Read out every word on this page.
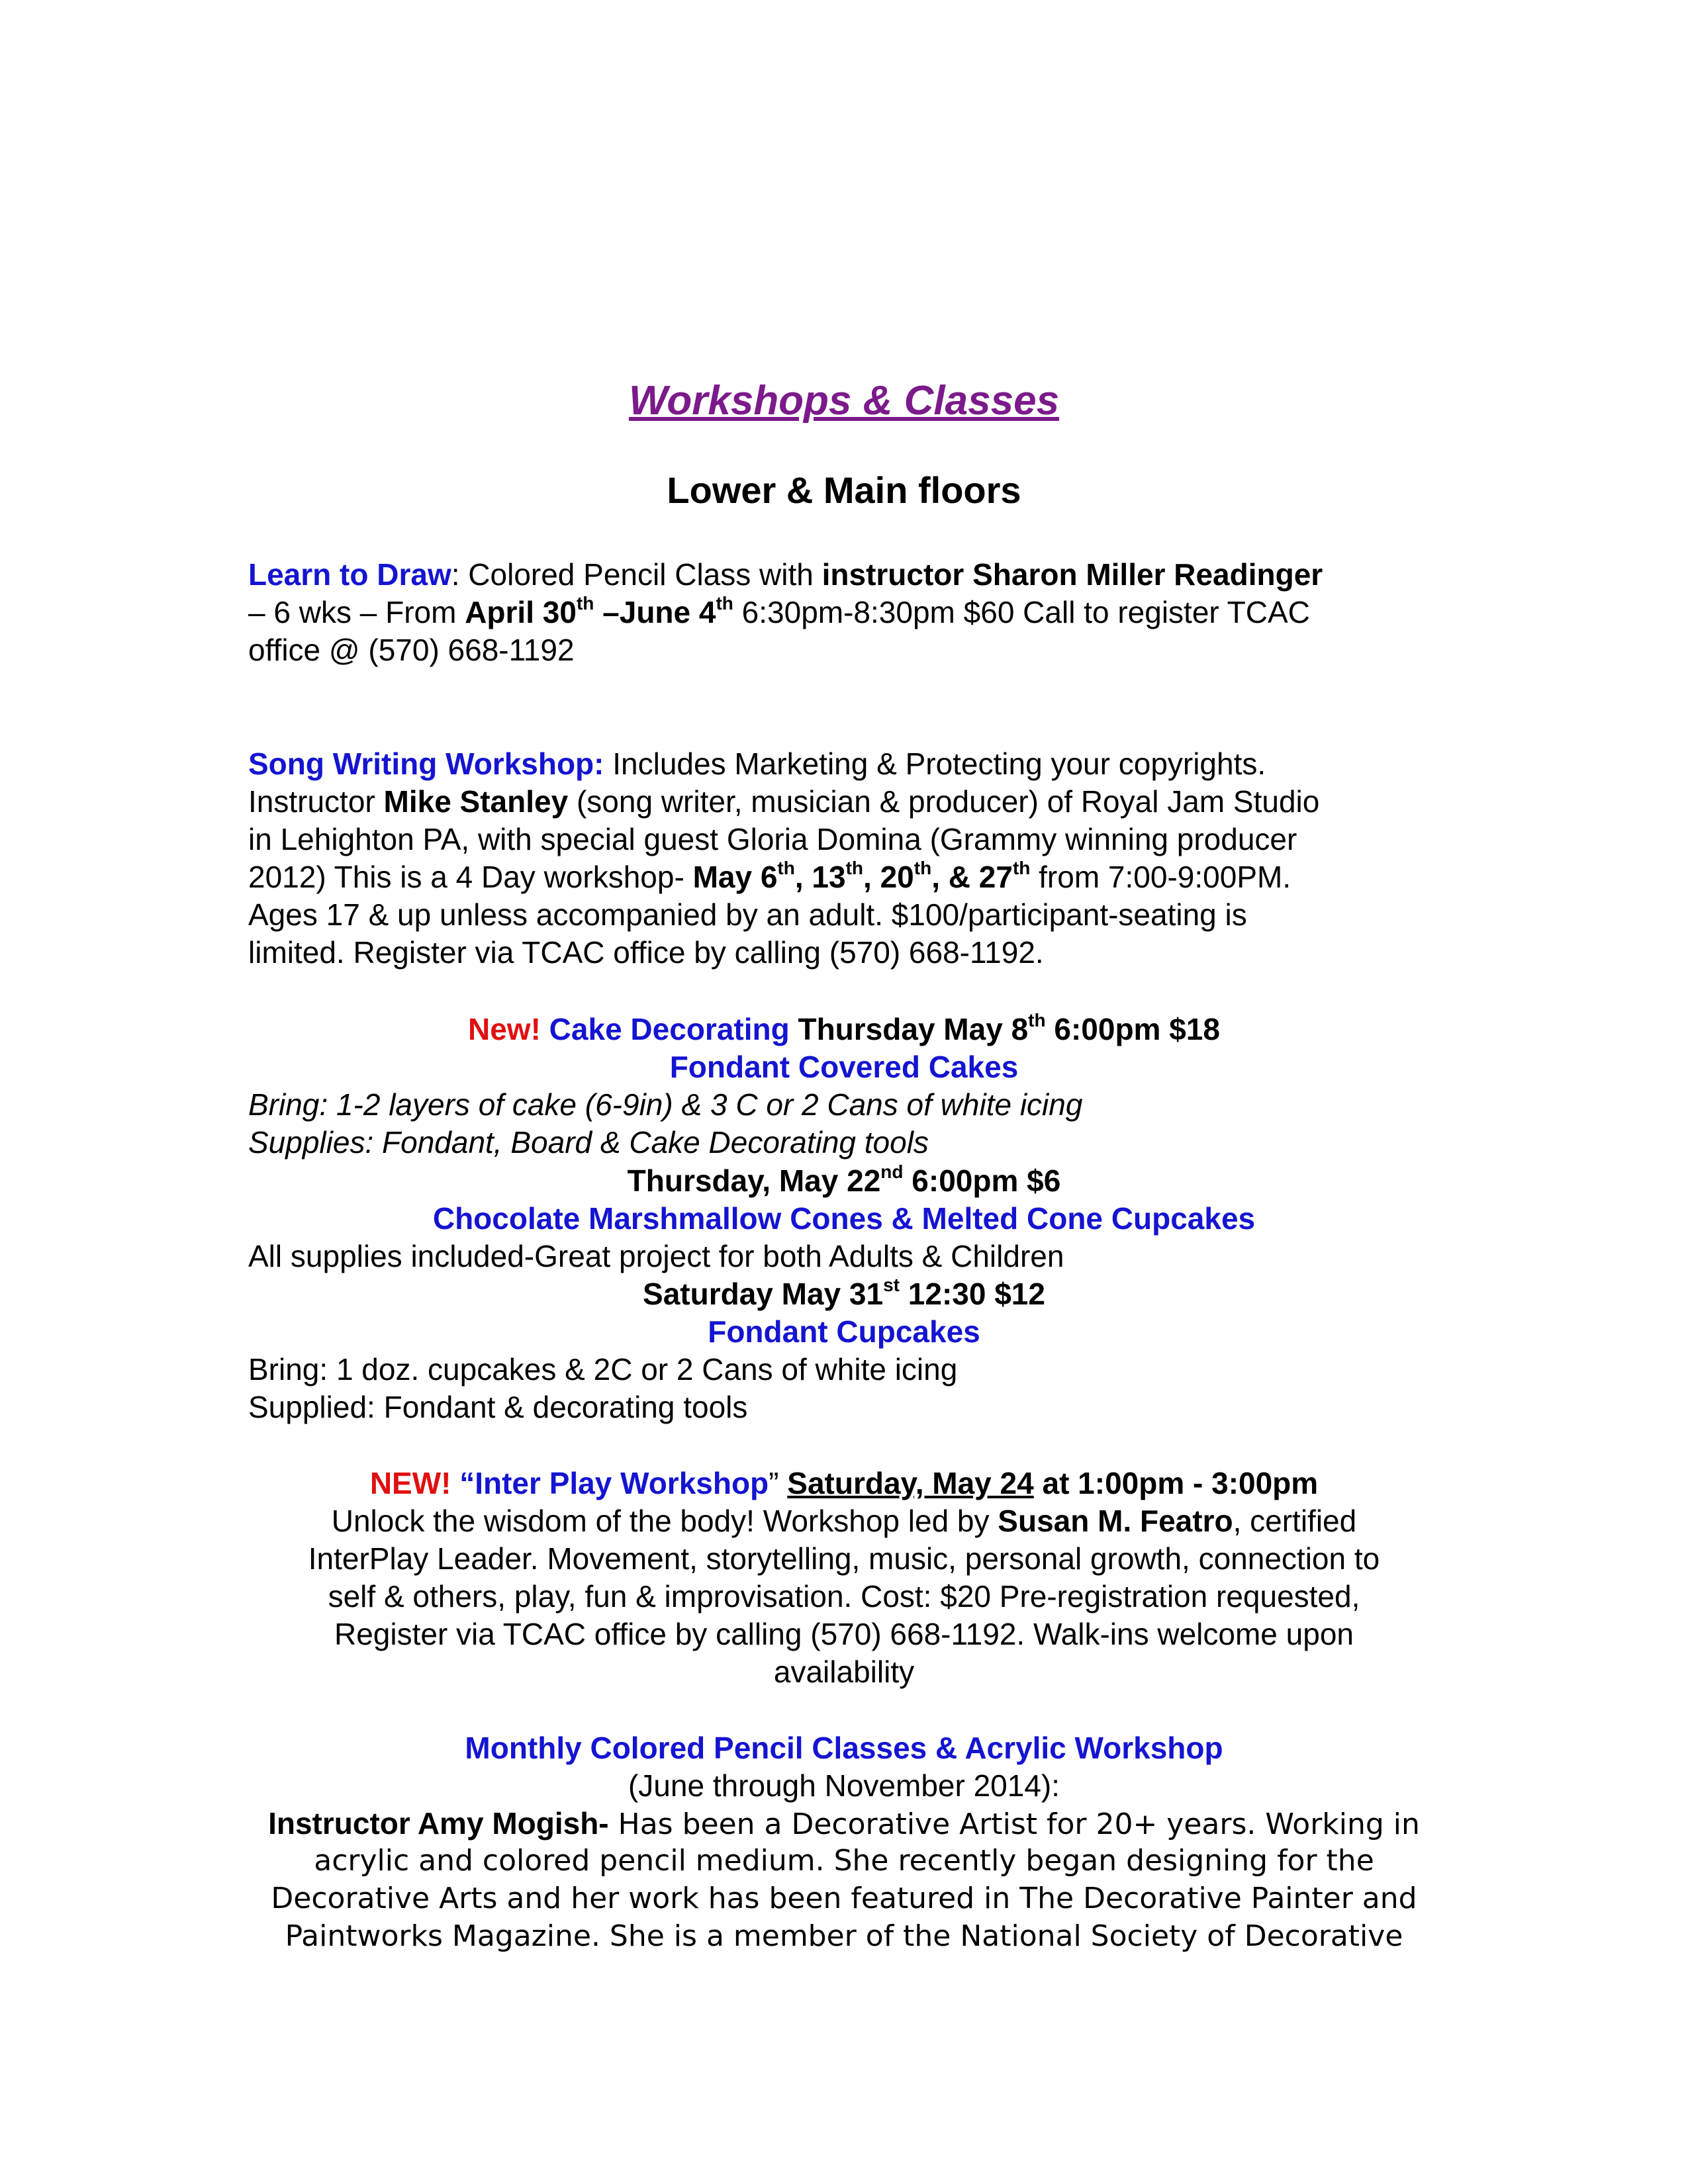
Workshops & Classes
Lower & Main floors
Learn to Draw: Colored Pencil Class with instructor Sharon Miller Readinger
– 6 wks – From April 30th –June 4th 6:30pm-8:30pm $60 Call to register TCAC
office @ (570) 668-1192
Song Writing Workshop: Includes Marketing & Protecting your copyrights.
Instructor Mike Stanley (song writer, musician & producer) of Royal Jam Studio
in Lehighton PA, with special guest Gloria Domina (Grammy winning producer
2012) This is a 4 Day workshop- May 6th, 13th, 20th, & 27th from 7:00-9:00PM.
Ages 17 & up unless accompanied by an adult. $100/participant-seating is
limited. Register via TCAC office by calling (570) 668-1192.
New! Cake Decorating Thursday May 8th 6:00pm $18
Fondant Covered Cakes
Bring: 1-2 layers of cake (6-9in) & 3 C or 2 Cans of white icing
Supplies: Fondant, Board & Cake Decorating tools
Thursday, May 22nd 6:00pm $6
Chocolate Marshmallow Cones & Melted Cone Cupcakes
All supplies included-Great project for both Adults & Children
Saturday May 31st 12:30 $12
Fondant Cupcakes
Bring: 1 doz. cupcakes & 2C or 2 Cans of white icing
Supplied: Fondant & decorating tools
NEW! “Inter Play Workshop” Saturday, May 24 at 1:00pm - 3:00pm
Unlock the wisdom of the body! Workshop led by Susan M. Featro, certified
InterPlay Leader. Movement, storytelling, music, personal growth, connection to
self & others, play, fun & improvisation. Cost: $20 Pre-registration requested,
Register via TCAC office by calling (570) 668-1192. Walk-ins welcome upon
availability
Monthly Colored Pencil Classes & Acrylic Workshop
(June through November 2014):
Instructor Amy Mogish- Has been a Decorative Artist for 20+ years. Working in
acrylic and colored pencil medium. She recently began designing for the
Decorative Arts and her work has been featured in The Decorative Painter and
Paintworks Magazine. She is a member of the National Society of Decorative
